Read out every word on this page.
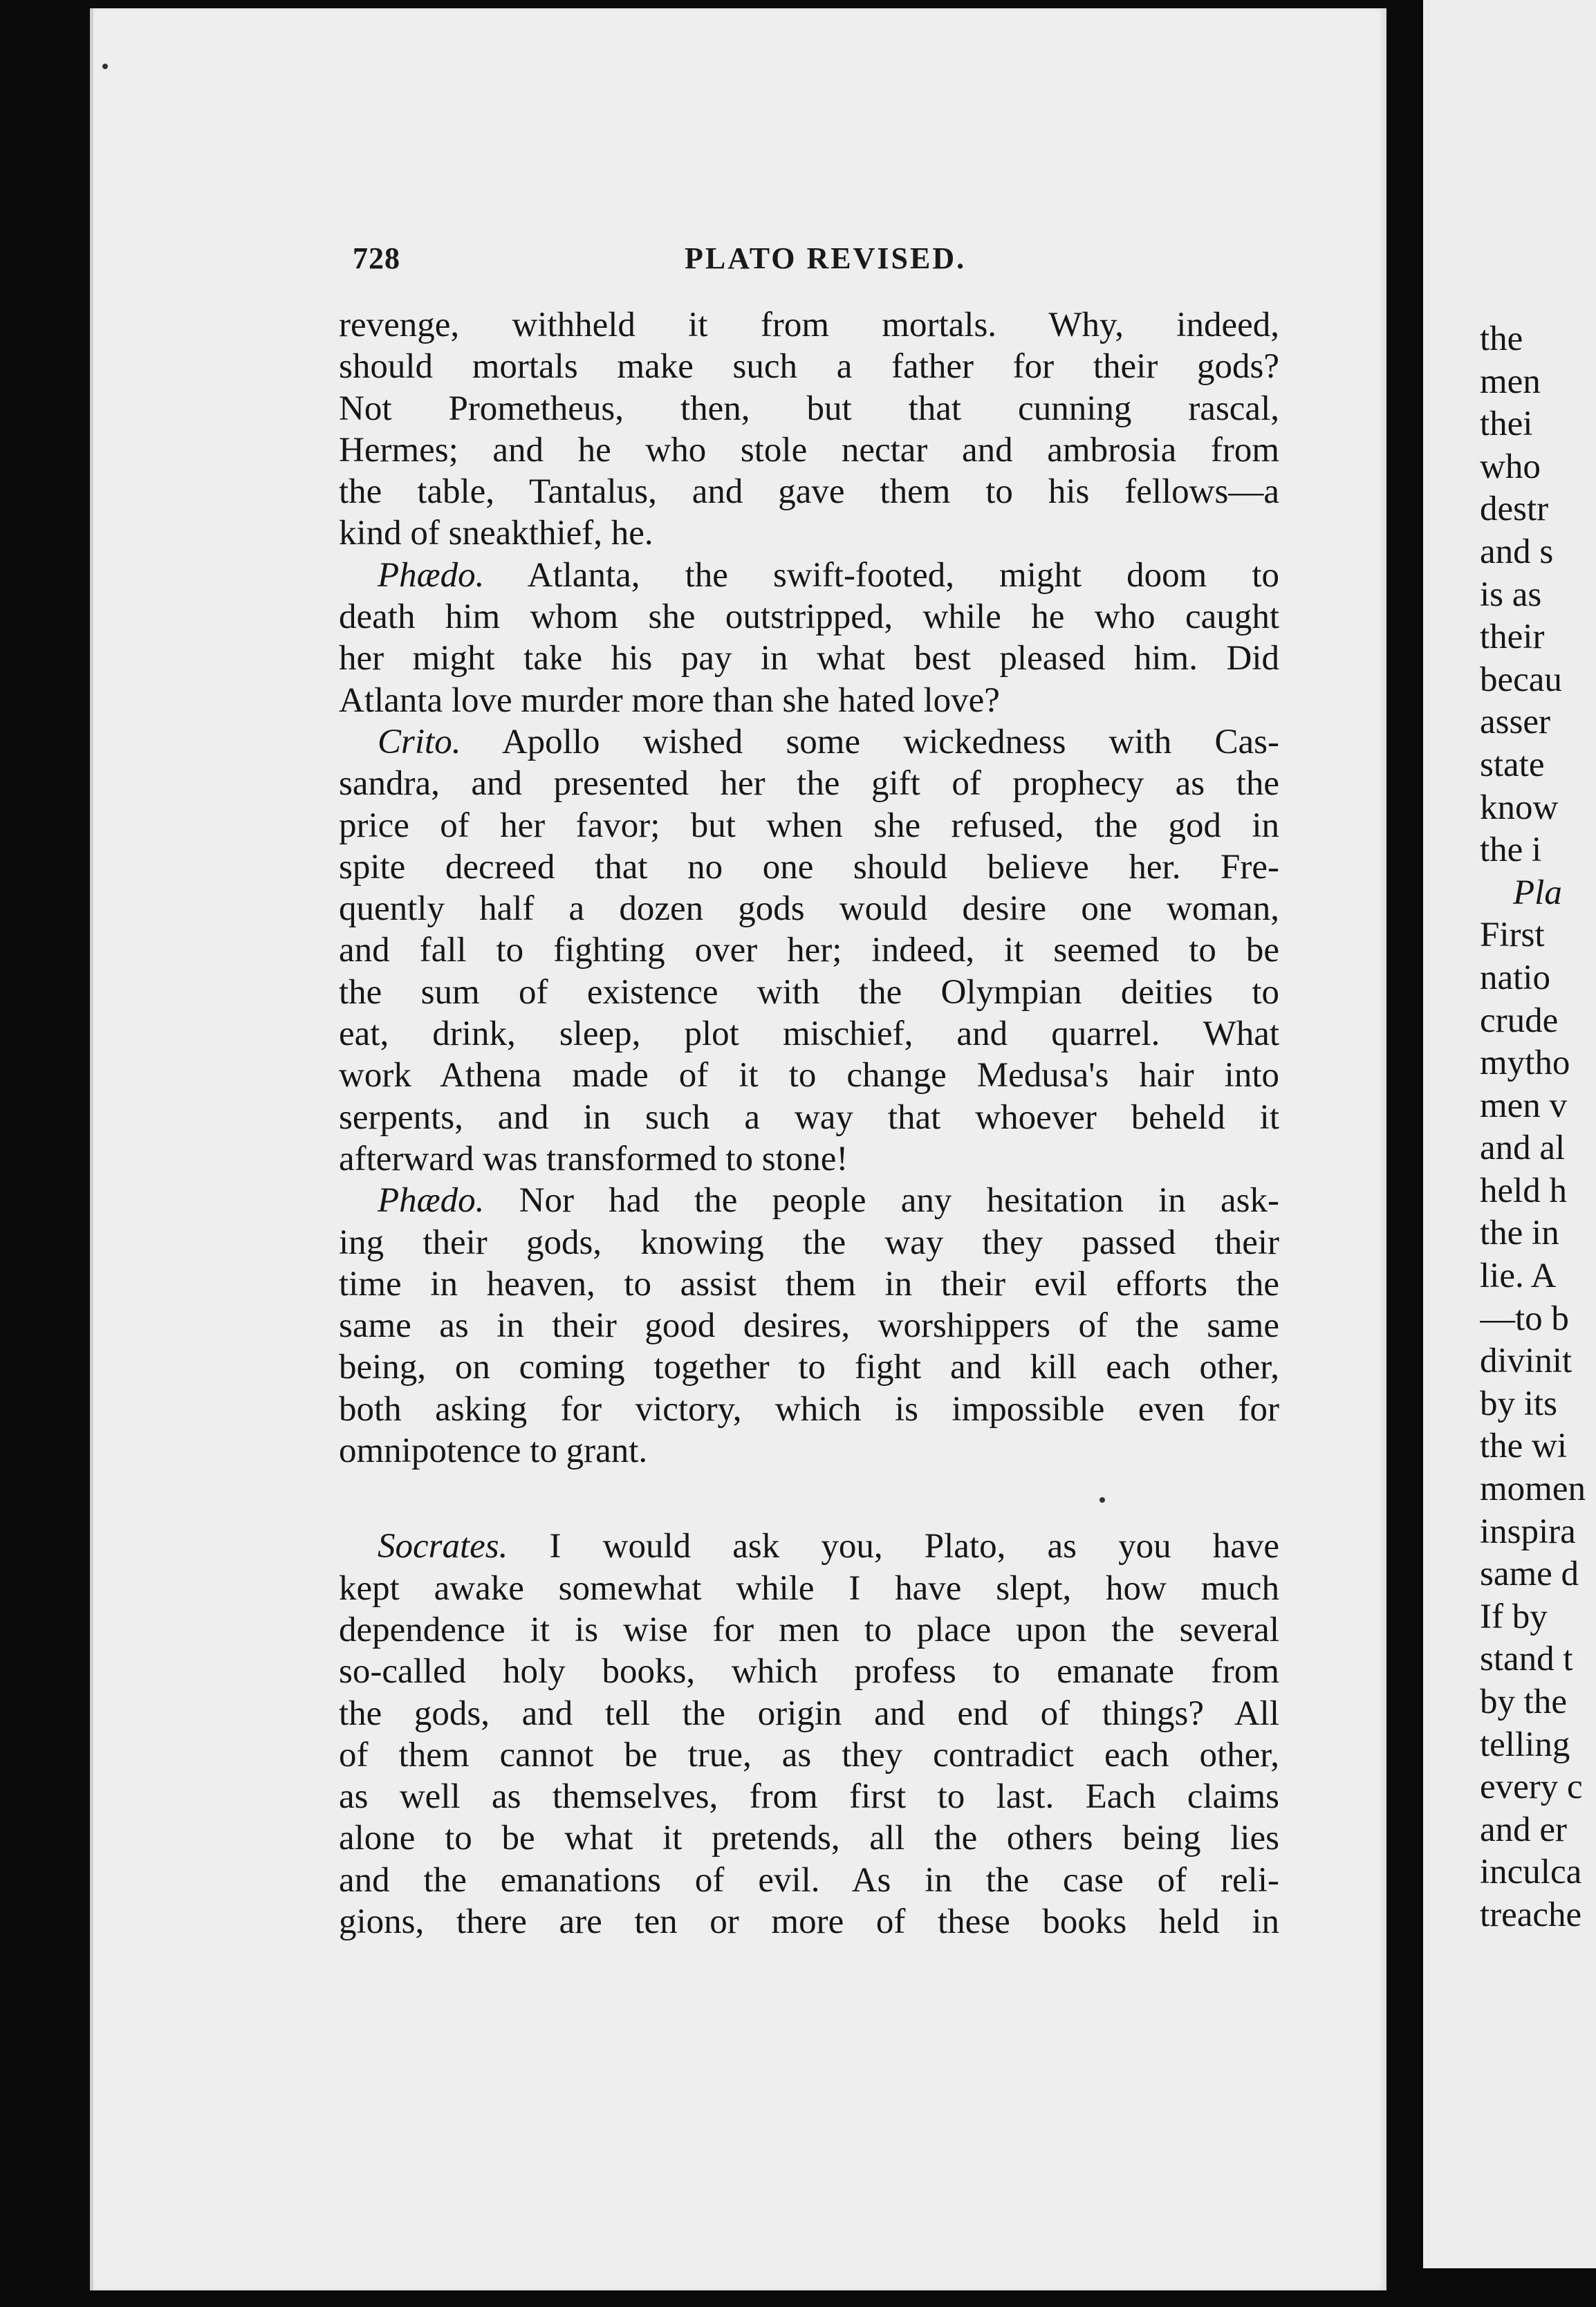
728	PLATO REVISED.
revenge, withheld it from mortals. Why, indeed,
should mortals make such a father for their gods?
Not Prometheus, then, but that cunning rascal,
Hermes; and he who stole nectar and ambrosia from
the table, Tantalus, and gave them to his fellows—a
kind of sneakthief, he.
Phædo. Atlanta, the swift-footed, might doom to
death him whom she outstripped, while he who caught
her might take his pay in what best pleased him. Did
Atlanta love murder more than she hated love?
Crito. Apollo wished some wickedness with Cas-
sandra, and presented her the gift of prophecy as the
price of her favor; but when she refused, the god in
spite decreed that no one should believe her. Fre-
quently half a dozen gods would desire one woman,
and fall to fighting over her; indeed, it seemed to be
the sum of existence with the Olympian deities to
eat, drink, sleep, plot mischief, and quarrel. What
work Athena made of it to change Medusa's hair into
serpents, and in such a way that whoever beheld it
afterward was transformed to stone!
Phædo. Nor had the people any hesitation in ask-
ing their gods, knowing the way they passed their
time in heaven, to assist them in their evil efforts the
same as in their good desires, worshippers of the same
being, on coming together to fight and kill each other,
both asking for victory, which is impossible even for
omnipotence to grant.
Socrates. I would ask you, Plato, as you have
kept awake somewhat while I have slept, how much
dependence it is wise for men to place upon the several
so-called holy books, which profess to emanate from
the gods, and tell the origin and end of things? All
of them cannot be true, as they contradict each other,
as well as themselves, from first to last. Each claims
alone to be what it pretends, all the others being lies
and the emanations of evil. As in the case of reli-
gions, there are ten or more of these books held in
the
men
thei
who
destr
and s
is as
their
becau
asser
state
know
the i
Pla
First
natio
crude
mytho
men v
and al
held h
the in
lie. A
—to b
divinit
by its
the wi
momen
inspira
same d
If by
stand t
by the
telling
every c
and er
inculca
treache
